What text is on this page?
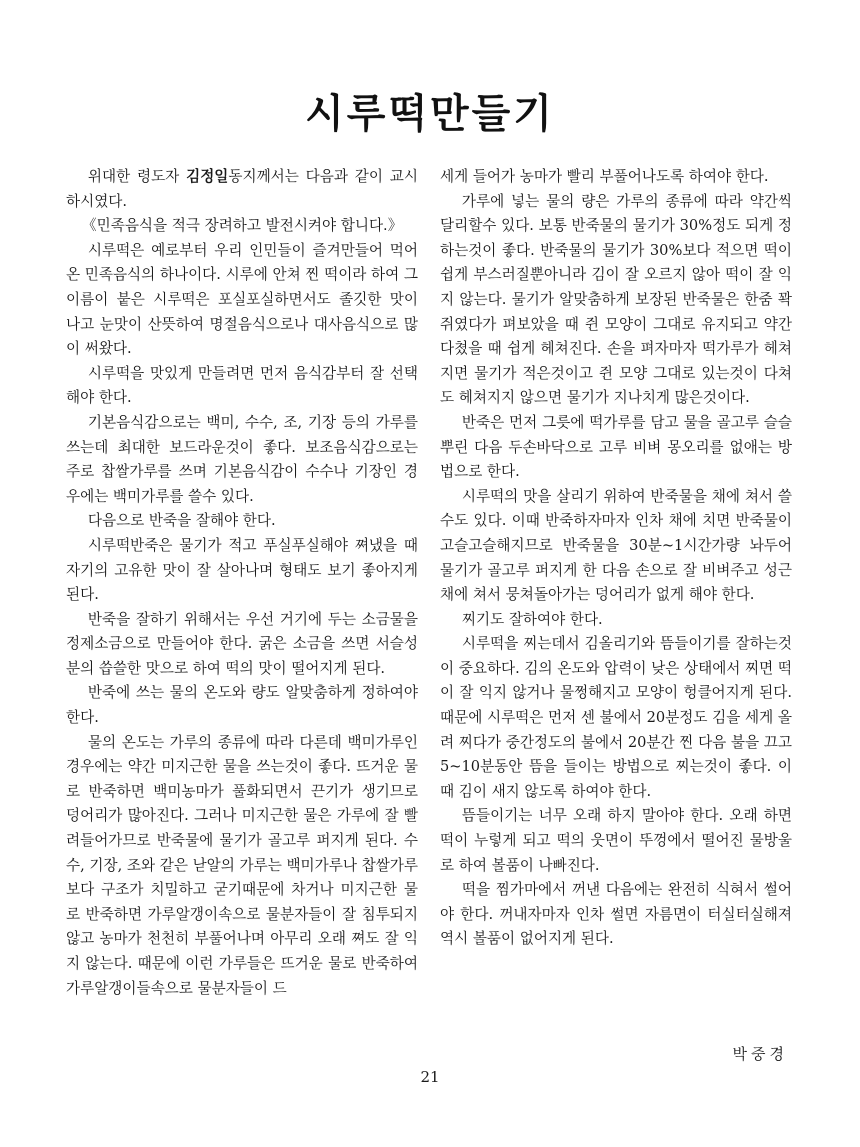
시루떡만들기

위대한 령도자 김정일동지께서는 다음과 같이 교시하시였다.

《민족음식을 적극 장려하고 발전시켜야 합니다.》

시루떡은 예로부터 우리 인민들이 즐겨만들어 먹어온 민족음식의 하나이다. 시루에 안쳐 찐 떡이라 하여 그 이름이 붙은 시루떡은 포실포실하면서도 졸깃한 맛이 나고 눈맛이 산뜻하여 명절음식으로나 대사음식으로 많이 써왔다.

시루떡을 맛있게 만들려면 먼저 음식감부터 잘 선택해야 한다.

기본음식감으로는 백미, 수수, 조, 기장 등의 가루를 쓰는데 최대한 보드라운것이 좋다. 보조음식감으로는 주로 찹쌀가루를 쓰며 기본음식감이 수수나 기장인 경우에는 백미가루를 쓸수 있다.

다음으로 반죽을 잘해야 한다.

시루떡반죽은 물기가 적고 푸실푸실해야 쪄냈을 때 자기의 고유한 맛이 잘 살아나며 형태도 보기 좋아지게 된다.

반죽을 잘하기 위해서는 우선 거기에 두는 소금물을 정제소금으로 만들어야 한다. 굵은 소금을 쓰면 서슬성분의 씁쓸한 맛으로 하여 떡의 맛이 떨어지게 된다.

반죽에 쓰는 물의 온도와 량도 알맞춤하게 정하여야 한다.

물의 온도는 가루의 종류에 따라 다른데 백미가루인 경우에는 약간 미지근한 물을 쓰는것이 좋다. 뜨거운 물로 반죽하면 백미농마가 풀화되면서 끈기가 생기므로 덩어리가 많아진다. 그러나 미지근한 물은 가루에 잘 빨려들어가므로 반죽물에 물기가 골고루 퍼지게 된다. 수수, 기장, 조와 같은 낟알의 가루는 백미가루나 찹쌀가루보다 구조가 치밀하고 굳기때문에 차거나 미지근한 물로 반죽하면 가루알갱이속으로 물분자들이 잘 침투되지 않고 농마가 천천히 부풀어나며 아무리 오래 쪄도 잘 익지 않는다. 때문에 이런 가루들은 뜨거운 물로 반죽하여 가루알갱이들속으로 물분자들이 드

세게 들어가 농마가 빨리 부풀어나도록 하여야 한다.

가루에 넣는 물의 량은 가루의 종류에 따라 약간씩 달리할수 있다. 보통 반죽물의 물기가 30%정도 되게 정하는것이 좋다. 반죽물의 물기가 30%보다 적으면 떡이 쉽게 부스러질뿐아니라 김이 잘 오르지 않아 떡이 잘 익지 않는다. 물기가 알맞춤하게 보장된 반죽물은 한줌 꽉 쥐였다가 펴보았을 때 쥔 모양이 그대로 유지되고 약간 다쳤을 때 쉽게 헤쳐진다. 손을 펴자마자 떡가루가 헤쳐지면 물기가 적은것이고 쥔 모양 그대로 있는것이 다쳐도 헤쳐지지 않으면 물기가 지나치게 많은것이다.

반죽은 먼저 그릇에 떡가루를 담고 물을 골고루 슬슬 뿌린 다음 두손바닥으로 고루 비벼 몽오리를 없애는 방법으로 한다.

시루떡의 맛을 살리기 위하여 반죽물을 채에 쳐서 쓸수도 있다. 이때 반죽하자마자 인차 채에 치면 반죽물이 고슬고슬해지므로 반죽물을 30분~1시간가량 놔두어 물기가 골고루 퍼지게 한 다음 손으로 잘 비벼주고 성근 채에 쳐서 뭉쳐돌아가는 덩어리가 없게 해야 한다.

찌기도 잘하여야 한다.

시루떡을 찌는데서 김올리기와 뜸들이기를 잘하는것이 중요하다. 김의 온도와 압력이 낮은 상태에서 찌면 떡이 잘 익지 않거나 물쩡해지고 모양이 헝클어지게 된다. 때문에 시루떡은 먼저 센 불에서 20분정도 김을 세게 올려 찌다가 중간정도의 불에서 20분간 찐 다음 불을 끄고 5~10분동안 뜸을 들이는 방법으로 찌는것이 좋다. 이때 김이 새지 않도록 하여야 한다.

뜸들이기는 너무 오래 하지 말아야 한다. 오래 하면 떡이 누렇게 되고 떡의 웃면이 뚜껑에서 떨어진 물방울로 하여 볼품이 나빠진다.

떡을 찜가마에서 꺼낸 다음에는 완전히 식혀서 썰어야 한다. 꺼내자마자 인차 썰면 자름면이 터실터실해져 역시 볼품이 없어지게 된다.

박중경
21
